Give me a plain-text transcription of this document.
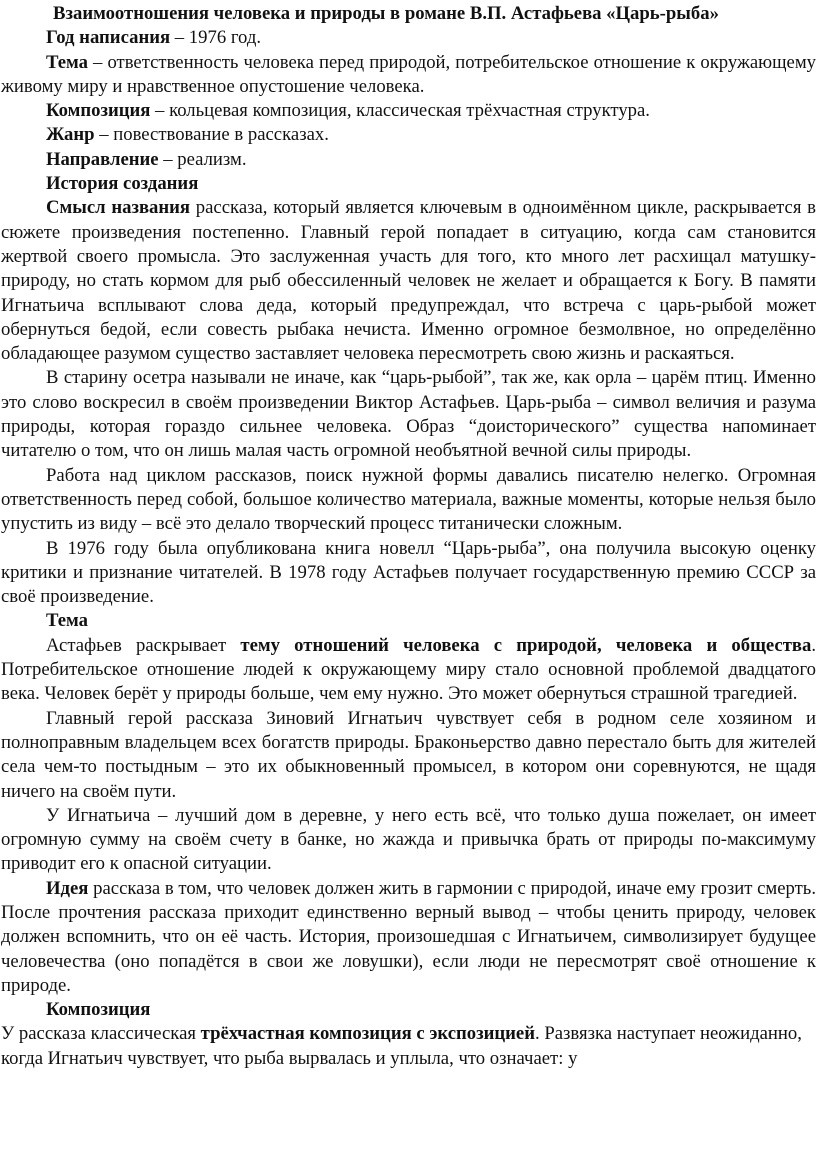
Взаимоотношения человека и природы в романе В.П. Астафьева «Царь-рыба»

Год написания – 1976 год.

Тема – ответственность человека перед природой, потребительское отношение к окружающему живому миру и нравственное опустошение человека.

Композиция – кольцевая композиция, классическая трёхчастная структура.

Жанр – повествование в рассказах.

Направление – реализм.

История создания

Смысл названия рассказа, который является ключевым в одноимённом цикле, раскрывается в сюжете произведения постепенно. Главный герой попадает в ситуацию, когда сам становится жертвой своего промысла. Это заслуженная участь для того, кто много лет расхищал матушку-природу, но стать кормом для рыб обессиленный человек не желает и обращается к Богу. В памяти Игнатьича всплывают слова деда, который предупреждал, что встреча с царь-рыбой может обернуться бедой, если совесть рыбака нечиста. Именно огромное безмолвное, но определённо обладающее разумом существо заставляет человека пересмотреть свою жизнь и раскаяться.

В старину осетра называли не иначе, как “царь-рыбой”, так же, как орла – царём птиц. Именно это слово воскресил в своём произведении Виктор Астафьев. Царь-рыба – символ величия и разума природы, которая гораздо сильнее человека. Образ “доисторического” существа напоминает читателю о том, что он лишь малая часть огромной необъятной вечной силы природы.

Работа над циклом рассказов, поиск нужной формы давались писателю нелегко. Огромная ответственность перед собой, большое количество материала, важные моменты, которые нельзя было упустить из виду – всё это делало творческий процесс титанически сложным.

В 1976 году была опубликована книга новелл “Царь-рыба”, она получила высокую оценку критики и признание читателей. В 1978 году Астафьев получает государственную премию СССР за своё произведение.

Тема

Астафьев раскрывает тему отношений человека с природой, человека и общества. Потребительское отношение людей к окружающему миру стало основной проблемой двадцатого века. Человек берёт у природы больше, чем ему нужно. Это может обернуться страшной трагедией.

Главный герой рассказа Зиновий Игнатьич чувствует себя в родном селе хозяином и полноправным владельцем всех богатств природы. Браконьерство давно перестало быть для жителей села чем-то постыдным – это их обыкновенный промысел, в котором они соревнуются, не щадя ничего на своём пути.

У Игнатьича – лучший дом в деревне, у него есть всё, что только душа пожелает, он имеет огромную сумму на своём счету в банке, но жажда и привычка брать от природы по-максимуму приводит его к опасной ситуации.

Идея рассказа в том, что человек должен жить в гармонии с природой, иначе ему грозит смерть. После прочтения рассказа приходит единственно верный вывод – чтобы ценить природу, человек должен вспомнить, что он её часть. История, произошедшая с Игнатьичем, символизирует будущее человечества (оно попадётся в свои же ловушки), если люди не пересмотрят своё отношение к природе.

Композиция

У рассказа классическая трёхчастная композиция с экспозицией. Развязка наступает неожиданно, когда Игнатьич чувствует, что рыба вырвалась и уплыла, что означает: у
